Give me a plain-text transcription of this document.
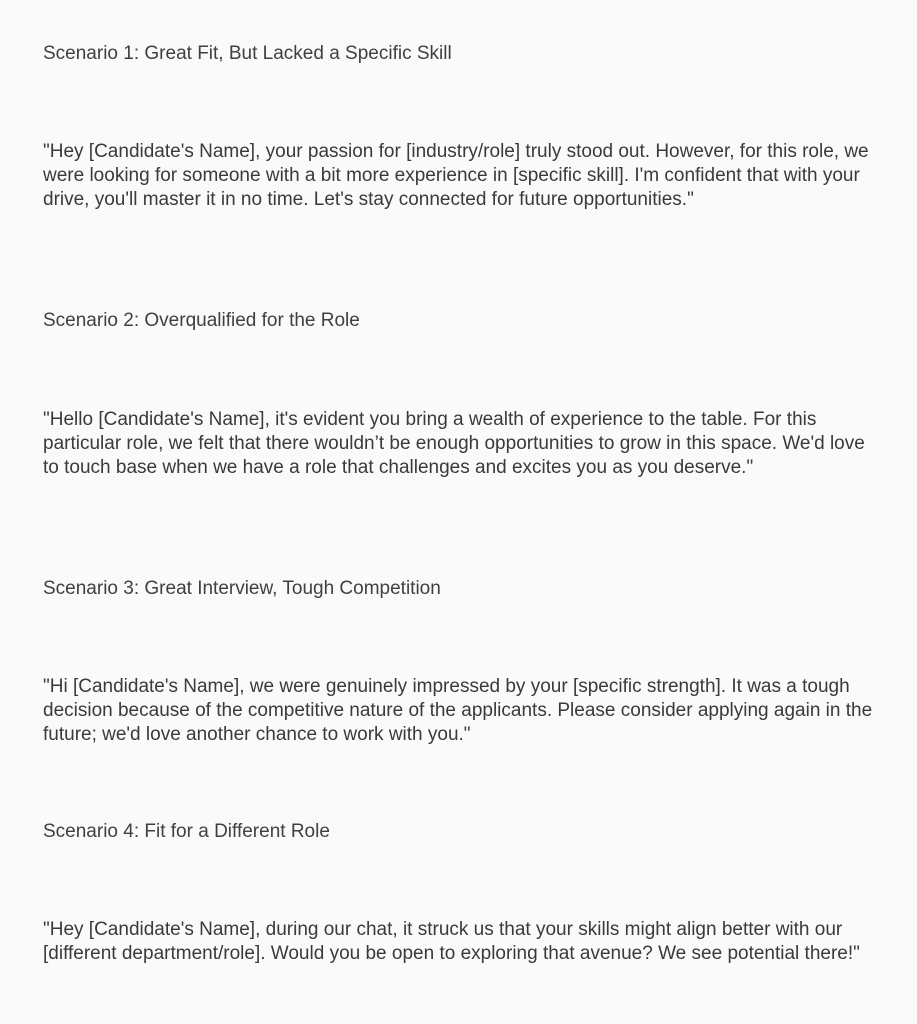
Scenario 1: Great Fit, But Lacked a Specific Skill
"Hey [Candidate's Name], your passion for [industry/role] truly stood out. However, for this role, we were looking for someone with a bit more experience in [specific skill]. I'm confident that with your drive, you'll master it in no time. Let's stay connected for future opportunities."
Scenario 2: Overqualified for the Role
"Hello [Candidate's Name], it's evident you bring a wealth of experience to the table. For this particular role, we felt that there wouldn’t be enough opportunities to grow in this space. We'd love to touch base when we have a role that challenges and excites you as you deserve."
Scenario 3: Great Interview, Tough Competition
"Hi [Candidate's Name], we were genuinely impressed by your [specific strength]. It was a tough decision because of the competitive nature of the applicants. Please consider applying again in the future; we'd love another chance to work with you."
Scenario 4: Fit for a Different Role
"Hey [Candidate's Name], during our chat, it struck us that your skills might align better with our [different department/role]. Would you be open to exploring that avenue? We see potential there!"
